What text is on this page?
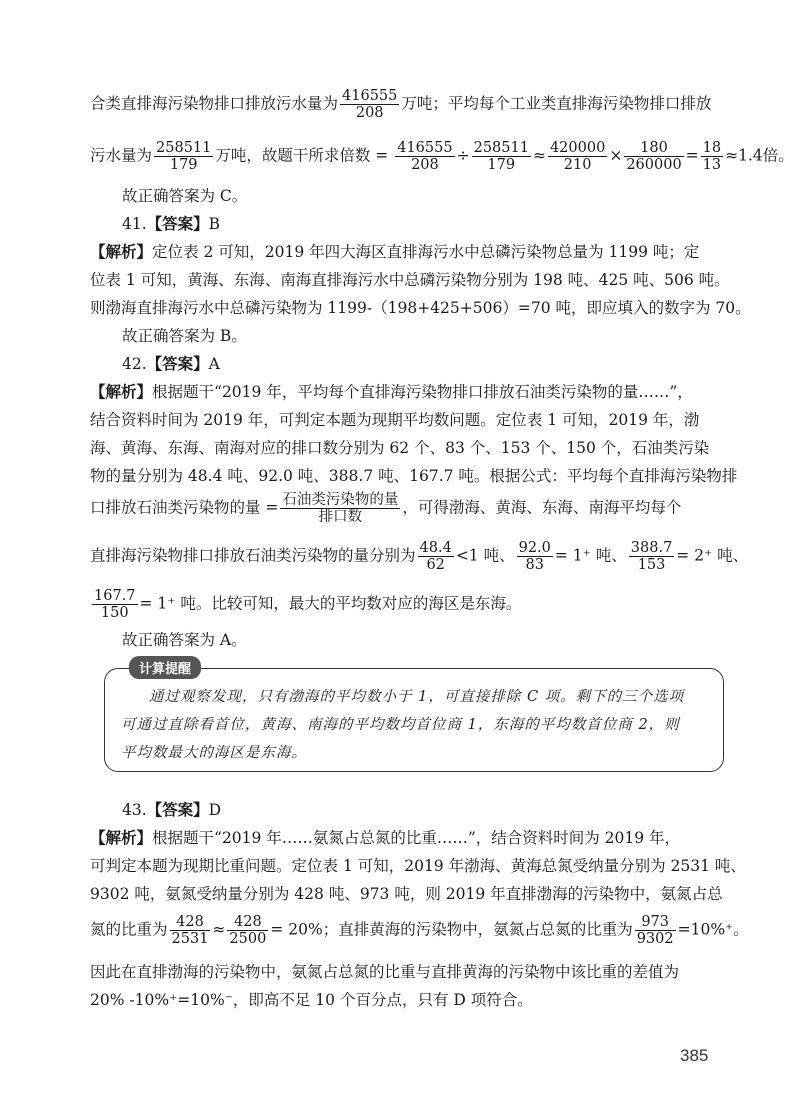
合类直排海污染物排口排放污水量为 $\frac{416555}{208}$ 万吨；平均每个工业类直排海污染物排口排放
污水量为 $\frac{258511}{179}$ 万吨，故题干所求倍数 = $\frac{416555}{208} \div \frac{258511}{179} \approx \frac{420000}{210} \times \frac{180}{260000} = \frac{18}{13} \approx 1.4$倍。
故正确答案为 C。
41.【答案】B
【解析】定位表 2 可知，2019 年四大海区直排海污水中总磷污染物总量为 1199 吨；定
位表 1 可知，黄海、东海、南海直排海污水中总磷污染物分别为 198 吨、425 吨、506 吨。
则渤海直排海污水中总磷污染物为 1199-（198+425+506）=70 吨，即应填入的数字为 70。
故正确答案为 B。
42.【答案】A
【解析】根据题干“2019 年，平均每个直排海污染物排口排放石油类污染物的量……”，
结合资料时间为 2019 年，可判定本题为现期平均数问题。定位表 1 可知，2019 年，渤
海、黄海、东海、南海对应的排口数分别为 62 个、83 个、153 个、150 个，石油类污染
物的量分别为 48.4 吨、92.0 吨、388.7 吨、167.7 吨。根据公式：平均每个直排海污染物排
口排放石油类污染物的量 = $\frac{\text{石油类污染物的量}}{\text{排口数}}$ ，可得渤海、黄海、东海、南海平均每个
直排海污染物排口排放石油类污染物的量分别为 $\frac{48.4}{62} <1$ 吨、 $\frac{92.0}{83} = 1^+$ 吨、 $\frac{388.7}{153} = 2^+$ 吨、
$\frac{167.7}{150} = 1^+$ 吨。比较可知，最大的平均数对应的海区是东海。
故正确答案为 A。
计算提醒
通过观察发现，只有渤海的平均数小于 1，可直接排除 C 项。剩下的三个选项
可通过直除看首位，黄海、南海的平均数均首位商 1，东海的平均数首位商 2，则
平均数最大的海区是东海。
43.【答案】D
【解析】根据题干“2019 年……氨氮占总氮的比重……”，结合资料时间为 2019 年，
可判定本题为现期比重问题。定位表 1 可知，2019 年渤海、黄海总氮受纳量分别为 2531 吨、
9302 吨，氨氮受纳量分别为 428 吨、973 吨，则 2019 年直排渤海的污染物中，氨氮占总
氮的比重为 $\frac{428}{2531} \approx \frac{428}{2500} = 20\%$；直排黄海的污染物中，氨氮占总氮的比重为 $\frac{973}{9302} =10\%^+$。
因此在直排渤海的污染物中，氨氮占总氮的比重与直排黄海的污染物中该比重的差值为
20% -10%⁺=10%⁻，即高不足 10 个百分点，只有 D 项符合。
385
